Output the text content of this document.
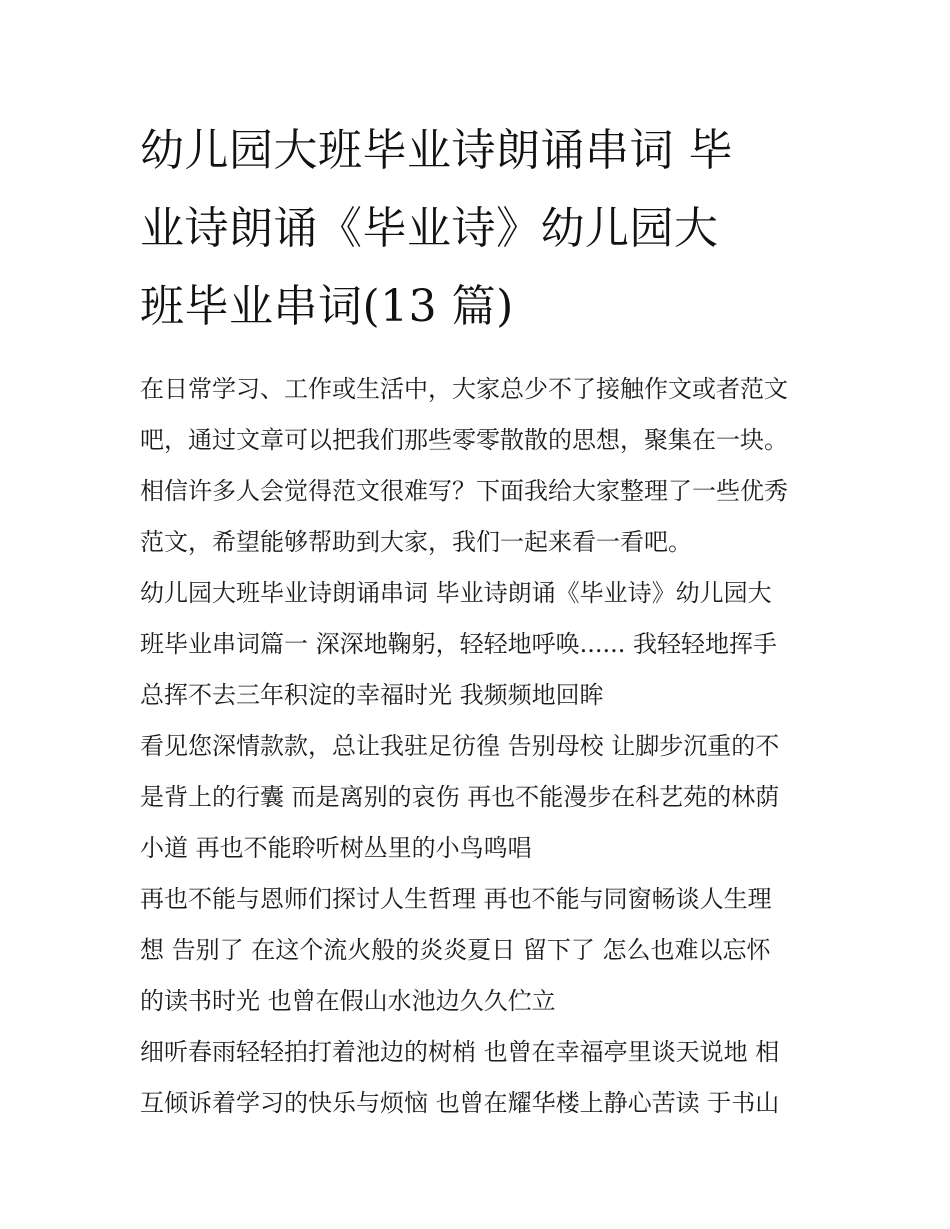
幼儿园大班毕业诗朗诵串词 毕
业诗朗诵《毕业诗》幼儿园大
班毕业串词(13 篇)
在日常学习、工作或生活中，大家总少不了接触作文或者范文
吧，通过文章可以把我们那些零零散散的思想，聚集在一块。
相信许多人会觉得范文很难写？下面我给大家整理了一些优秀
范文，希望能够帮助到大家，我们一起来看一看吧。
幼儿园大班毕业诗朗诵串词 毕业诗朗诵《毕业诗》幼儿园大
班毕业串词篇一 深深地鞠躬，轻轻地呼唤...... 我轻轻地挥手
总挥不去三年积淀的幸福时光 我频频地回眸
看见您深情款款，总让我驻足彷徨 告别母校 让脚步沉重的不
是背上的行囊 而是离别的哀伤 再也不能漫步在科艺苑的林荫
小道 再也不能聆听树丛里的小鸟鸣唱
再也不能与恩师们探讨人生哲理 再也不能与同窗畅谈人生理
想 告别了 在这个流火般的炎炎夏日 留下了 怎么也难以忘怀
的读书时光 也曾在假山水池边久久伫立
细听春雨轻轻拍打着池边的树梢 也曾在幸福亭里谈天说地 相
互倾诉着学习的快乐与烦恼 也曾在耀华楼上静心苦读 于书山
